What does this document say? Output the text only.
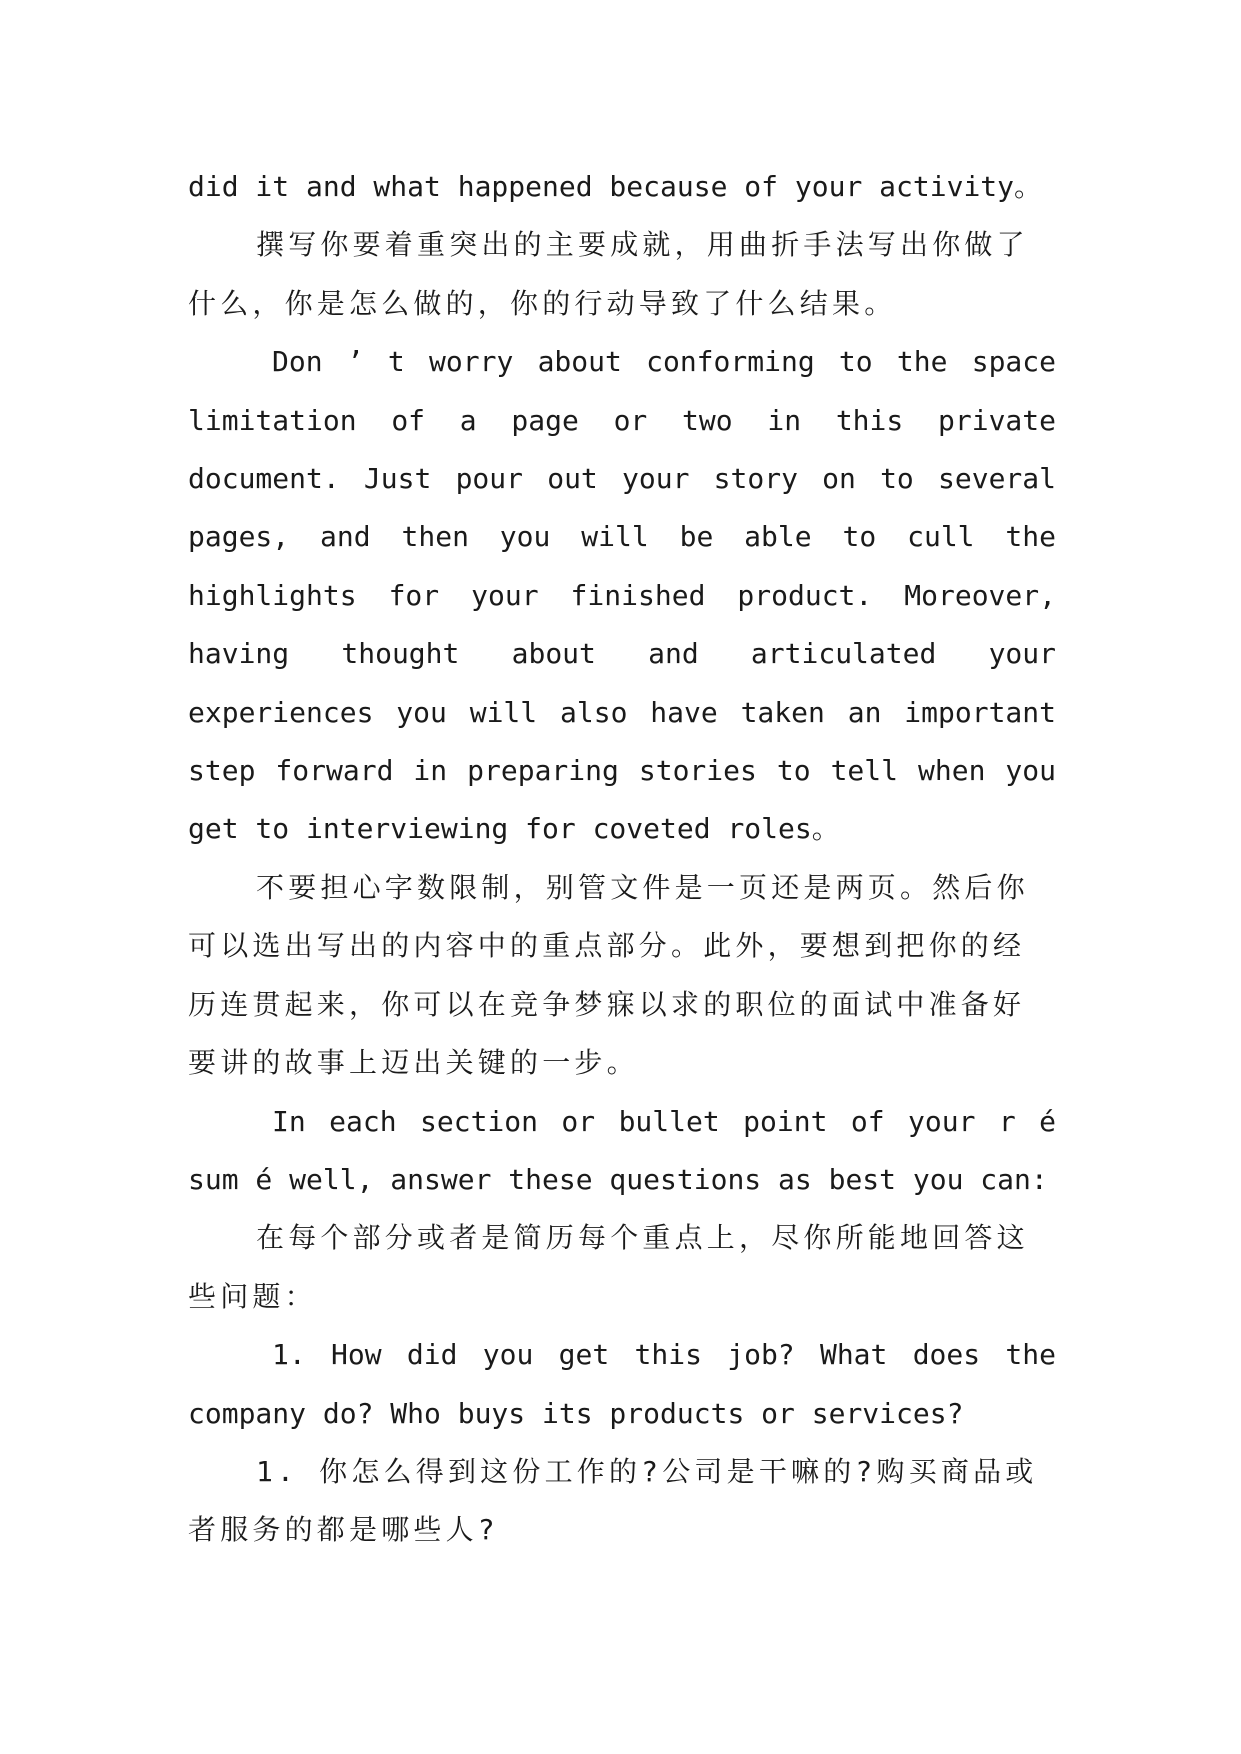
did it and what happened because of your activity。

撰写你要着重突出的主要成就，用曲折手法写出你做了什么，你是怎么做的，你的行动导致了什么结果。

Don ’ t worry about conforming to the space limitation of a page or two in this private document. Just pour out your story on to several pages, and then you will be able to cull the highlights for your finished product. Moreover, having thought about and articulated your experiences you will also have taken an important step forward in preparing stories to tell when you get to interviewing for coveted roles。

不要担心字数限制，别管文件是一页还是两页。然后你可以选出写出的内容中的重点部分。此外，要想到把你的经历连贯起来，你可以在竞争梦寐以求的职位的面试中准备好要讲的故事上迈出关键的一步。

In each section or bullet point of your r é sum é well, answer these questions as best you can:

在每个部分或者是简历每个重点上，尽你所能地回答这些问题：

1. How did you get this job? What does the company do? Who buys its products or services?

1. 你怎么得到这份工作的?公司是干嘛的?购买商品或者服务的都是哪些人?
